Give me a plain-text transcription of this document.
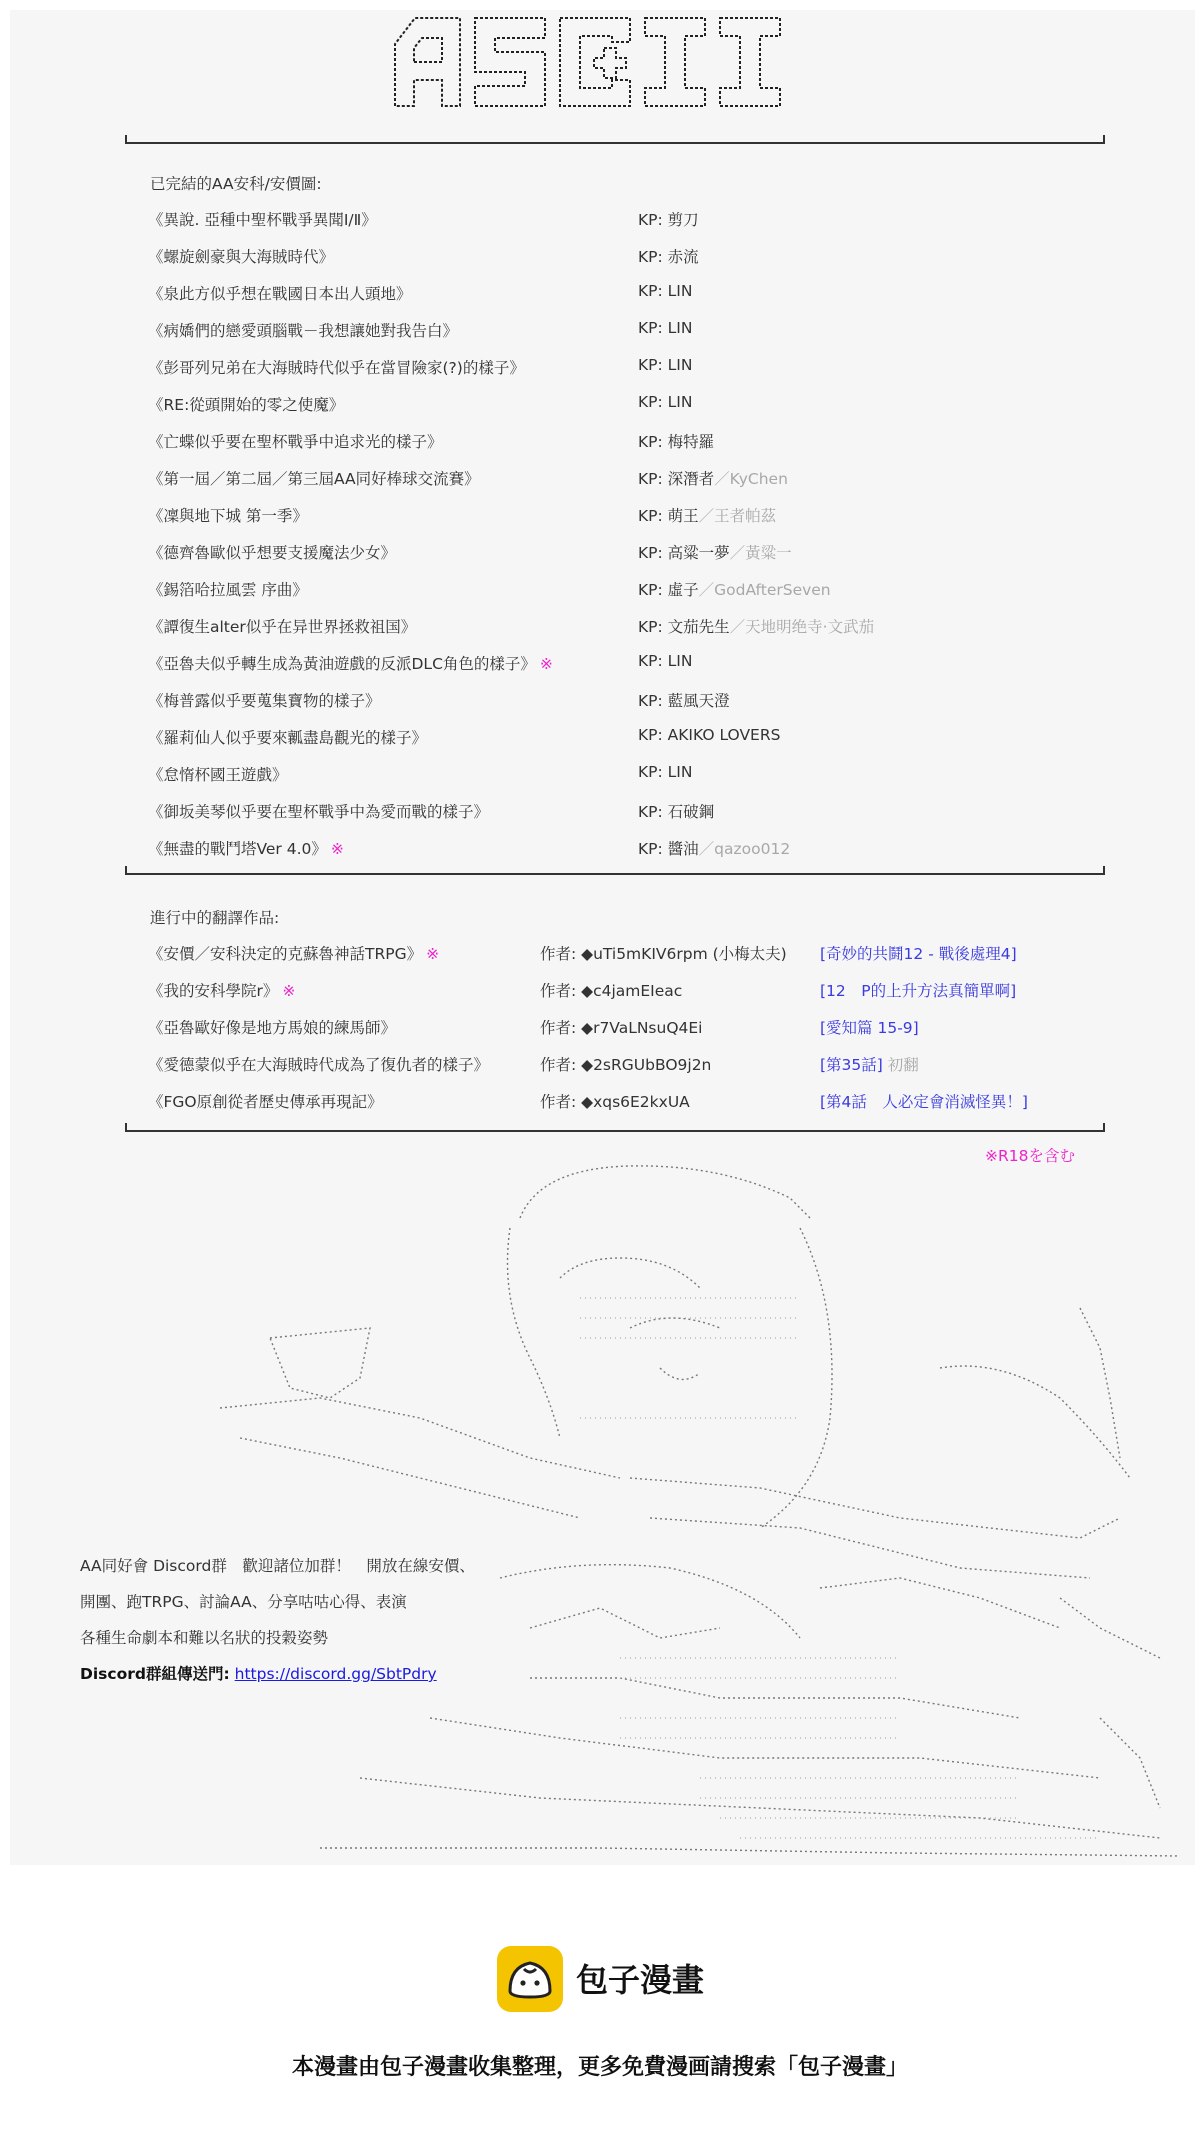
已完結的AA安科/安價圖:
《異說. 亞種中聖杯戰爭異聞Ⅰ/Ⅱ》	KP: 剪刀
《螺旋劍豪與大海賊時代》	KP: 赤流
《泉此方似乎想在戰國日本出人頭地》	KP: LIN
《病嬌們的戀愛頭腦戰－我想讓她對我告白》	KP: LIN
《彭哥列兄弟在大海賊時代似乎在當冒險家(?)的樣子》	KP: LIN
《RE:從頭開始的零之使魔》	KP: LIN
《亡蝶似乎要在聖杯戰爭中追求光的樣子》	KP: 梅特羅
《第一屆／第二屆／第三屆AA同好棒球交流賽》	KP: 深潛者／KyChen
《凜與地下城 第一季》	KP: 萌王／王者帕茲
《德齊魯歐似乎想要支援魔法少女》	KP: 高粱一夢／黃粱一
《錫箔哈拉風雲 序曲》	KP: 虛子／GodAfterSeven
《譚復生alter似乎在异世界拯救祖国》	KP: 文茄先生／天地明绝寺·文武茄
《亞魯夫似乎轉生成為黃油遊戲的反派DLC角色的樣子》 ※	KP: LIN
《梅普露似乎要蒐集寶物的樣子》	KP: 藍風天澄
《羅莉仙人似乎要來瓤盡島觀光的樣子》	KP: AKIKO LOVERS
《怠惰杯國王遊戲》	KP: LIN
《御坂美琴似乎要在聖杯戰爭中為愛而戰的樣子》	KP: 石破鋼
《無盡的戰鬥塔Ver 4.0》 ※	KP: 醬油／qazoo012
進行中的翻譯作品:
《安價／安科決定的克蘇魯神話TRPG》 ※	作者: ◆uTi5mKIV6rpm (小梅太夫) [奇妙的共鬪12 - 戰後處理4]
《我的安科學院r》 ※	作者: ◆c4jamEIeac	[12　P的上升方法真簡單啊]
《亞魯歐好像是地方馬娘的練馬師》	作者: ◆r7VaLNsuQ4Ei	[愛知篇 15-9]
《愛德蒙似乎在大海賊時代成為了復仇者的樣子》	作者: ◆2sRGUbBO9j2n	[第35話] 初翻
《FGO原創從者歷史傳承再現記》	作者: ◆xqs6E2kxUA	[第4話　人必定會消滅怪異！]
※R18を含む
AA同好會 Discord群　歡迎諸位加群！　開放在線安價、
開團、跑TRPG、討論AA、分享咕咕心得、表演
各種生命劇本和難以名狀的投穀姿勢
Discord群組傳送門: https://discord.gg/SbtPdry
包子漫畫
本漫畫由包子漫畫收集整理，更多免費漫画請搜索「包子漫畫」
